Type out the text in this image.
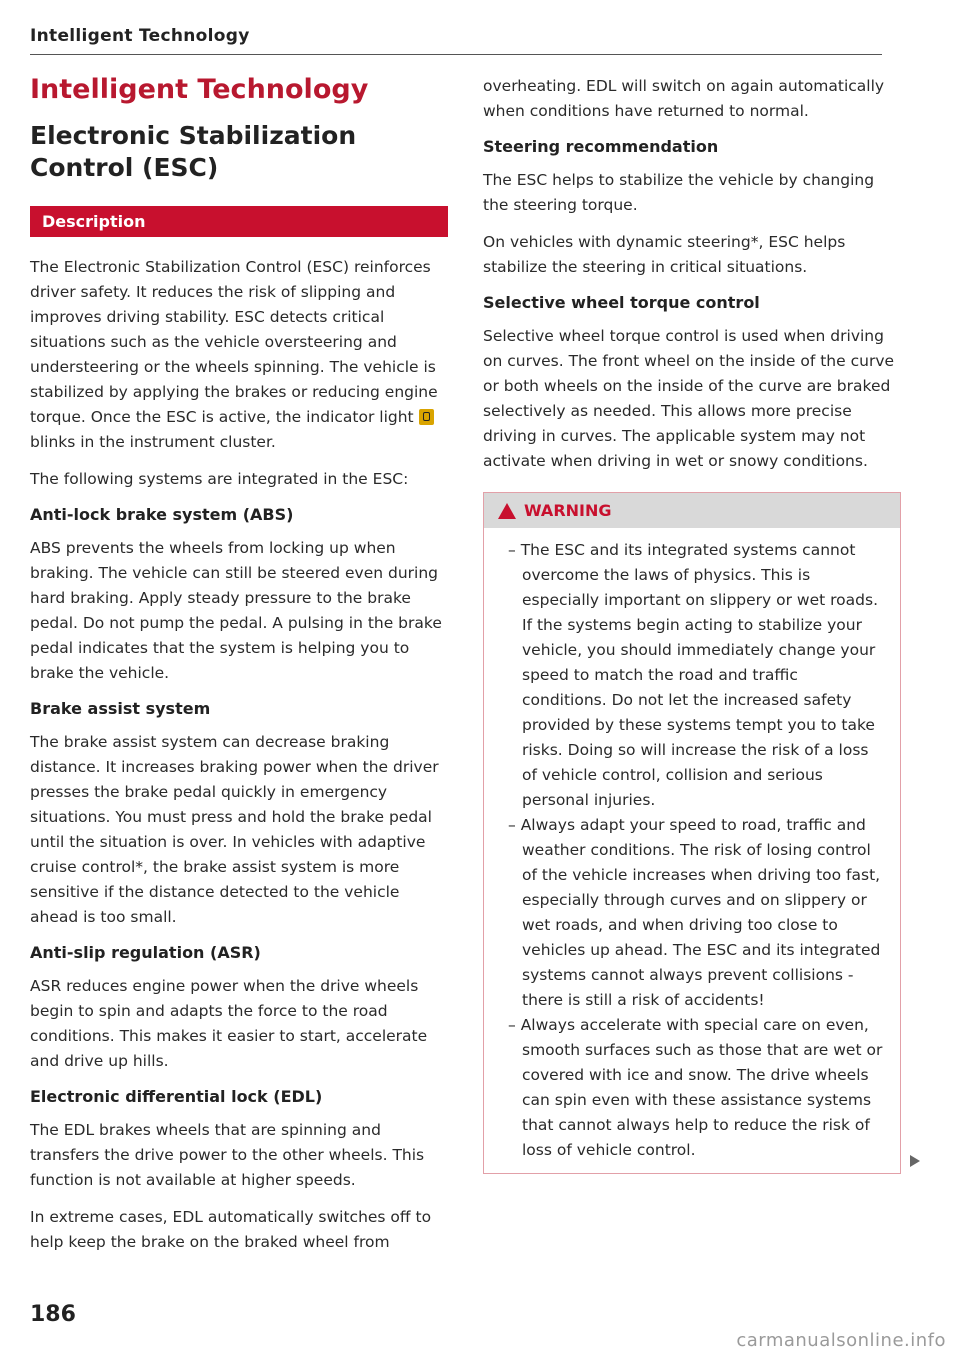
Intelligent Technology
Intelligent Technology
Electronic Stabilization Control (ESC)
Description

The Electronic Stabilization Control (ESC) reinforces driver safety. It reduces the risk of slipping and improves driving stability. ESC detects critical situations such as the vehicle oversteering and understeering or the wheels spinning. The vehicle is stabilized by applying the brakes or reducing engine torque. Once the ESC is active, the indicator light  blinks in the instrument cluster.

The following systems are integrated in the ESC:

Anti-lock brake system (ABS)

ABS prevents the wheels from locking up when braking. The vehicle can still be steered even during hard braking. Apply steady pressure to the brake pedal. Do not pump the pedal. A pulsing in the brake pedal indicates that the system is helping you to brake the vehicle.

Brake assist system

The brake assist system can decrease braking distance. It increases braking power when the driver presses the brake pedal quickly in emergency situations. You must press and hold the brake pedal until the situation is over. In vehicles with adaptive cruise control*, the brake assist system is more sensitive if the distance detected to the vehicle ahead is too small.

Anti-slip regulation (ASR)

ASR reduces engine power when the drive wheels begin to spin and adapts the force to the road conditions. This makes it easier to start, accelerate and drive up hills.

Electronic differential lock (EDL)

The EDL brakes wheels that are spinning and transfers the drive power to the other wheels. This function is not available at higher speeds.

In extreme cases, EDL automatically switches off to help keep the brake on the braked wheel from

overheating. EDL will switch on again automatically when conditions have returned to normal.

Steering recommendation

The ESC helps to stabilize the vehicle by changing the steering torque.

On vehicles with dynamic steering*, ESC helps stabilize the steering in critical situations.

Selective wheel torque control

Selective wheel torque control is used when driving on curves. The front wheel on the inside of the curve or both wheels on the inside of the curve are braked selectively as needed. This allows more precise driving in curves. The applicable system may not activate when driving in wet or snowy conditions.

WARNING
– The ESC and its integrated systems cannot overcome the laws of physics. This is especially important on slippery or wet roads. If the systems begin acting to stabilize your vehicle, you should immediately change your speed to match the road and traffic conditions. Do not let the increased safety provided by these systems tempt you to take risks. Doing so will increase the risk of a loss of vehicle control, collision and serious personal injuries.
– Always adapt your speed to road, traffic and weather conditions. The risk of losing control of the vehicle increases when driving too fast, especially through curves and on slippery or wet roads, and when driving too close to vehicles up ahead. The ESC and its integrated systems cannot always prevent collisions - there is still a risk of accidents!
– Always accelerate with special care on even, smooth surfaces such as those that are wet or covered with ice and snow. The drive wheels can spin even with these assistance systems that cannot always help to reduce the risk of loss of vehicle control.
186
carmanualsonline.info
